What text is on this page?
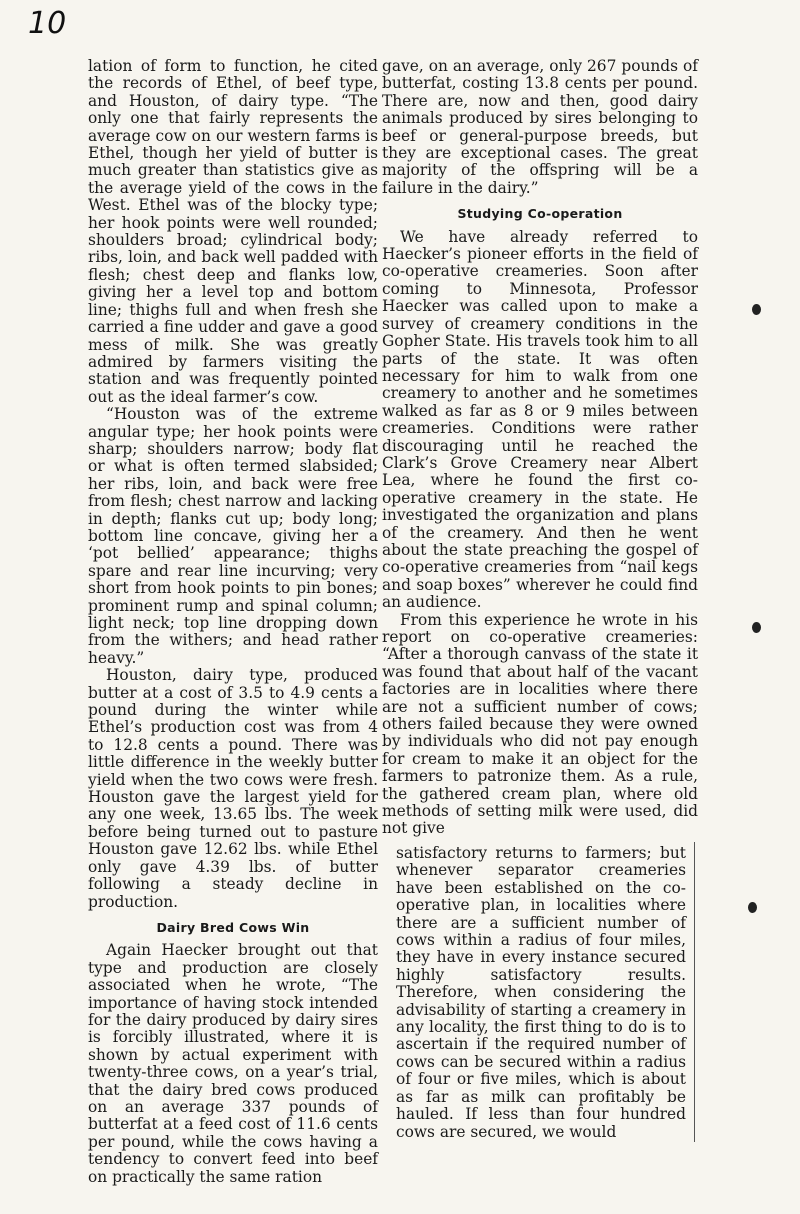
10

lation of form to function, he cited the records of Ethel, of beef type, and Houston, of dairy type. “The only one that fairly represents the average cow on our western farms is Ethel, though her yield of butter is much greater than statistics give as the average yield of the cows in the West. Ethel was of the blocky type; her hook points were well rounded; shoulders broad; cylindrical body; ribs, loin, and back well padded with flesh; chest deep and flanks low, giving her a level top and bottom line; thighs full and when fresh she carried a fine udder and gave a good mess of milk. She was greatly admired by farmers visiting the station and was frequently pointed out as the ideal farmer’s cow.

“Houston was of the extreme angular type; her hook points were sharp; shoulders narrow; body flat or what is often termed slabsided; her ribs, loin, and back were free from flesh; chest narrow and lacking in depth; flanks cut up; body long; bottom line concave, giving her a ‘pot bellied’ appearance; thighs spare and rear line incurving; very short from hook points to pin bones; prominent rump and spinal column; light neck; top line dropping down from the withers; and head rather heavy.”

Houston, dairy type, produced butter at a cost of 3.5 to 4.9 cents a pound during the winter while Ethel’s production cost was from 4 to 12.8 cents a pound. There was little difference in the weekly butter yield when the two cows were fresh. Houston gave the largest yield for any one week, 13.65 lbs. The week before being turned out to pasture Houston gave 12.62 lbs. while Ethel only gave 4.39 lbs. of butter following a steady decline in production.

Dairy Bred Cows Win

Again Haecker brought out that type and production are closely associated when he wrote, “The importance of having stock intended for the dairy produced by dairy sires is forcibly illustrated, where it is shown by actual experiment with twenty-three cows, on a year’s trial, that the dairy bred cows produced on an average 337 pounds of butterfat at a feed cost of 11.6 cents per pound, while the cows having a tendency to convert feed into beef on practically the same ration

gave, on an average, only 267 pounds of butterfat, costing 13.8 cents per pound. There are, now and then, good dairy animals produced by sires belonging to beef or general-purpose breeds, but they are exceptional cases. The great majority of the offspring will be a failure in the dairy.”

Studying Co-operation

We have already referred to Haecker’s pioneer efforts in the field of co-operative creameries. Soon after coming to Minnesota, Professor Haecker was called upon to make a survey of creamery conditions in the Gopher State. His travels took him to all parts of the state. It was often necessary for him to walk from one creamery to another and he sometimes walked as far as 8 or 9 miles between creameries. Conditions were rather discouraging until he reached the Clark’s Grove Creamery near Albert Lea, where he found the first co-operative creamery in the state. He investigated the organization and plans of the creamery. And then he went about the state preaching the gospel of co-operative creameries from “nail kegs and soap boxes” wherever he could find an audience.

From this experience he wrote in his report on co-operative creameries: “After a thorough canvass of the state it was found that about half of the vacant factories are in localities where there are not a sufficient number of cows; others failed because they were owned by individuals who did not pay enough for cream to make it an object for the farmers to patronize them. As a rule, the gathered cream plan, where old methods of setting milk were used, did not give

satisfactory returns to farmers; but whenever separator creameries have been established on the co-operative plan, in localities where there are a sufficient number of cows within a radius of four miles, they have in every instance secured highly satisfactory results. Therefore, when considering the advisability of starting a creamery in any locality, the first thing to do is to ascertain if the required number of cows can be secured within a radius of four or five miles, which is about as far as milk can profitably be hauled. If less than four hundred cows are secured, we would
